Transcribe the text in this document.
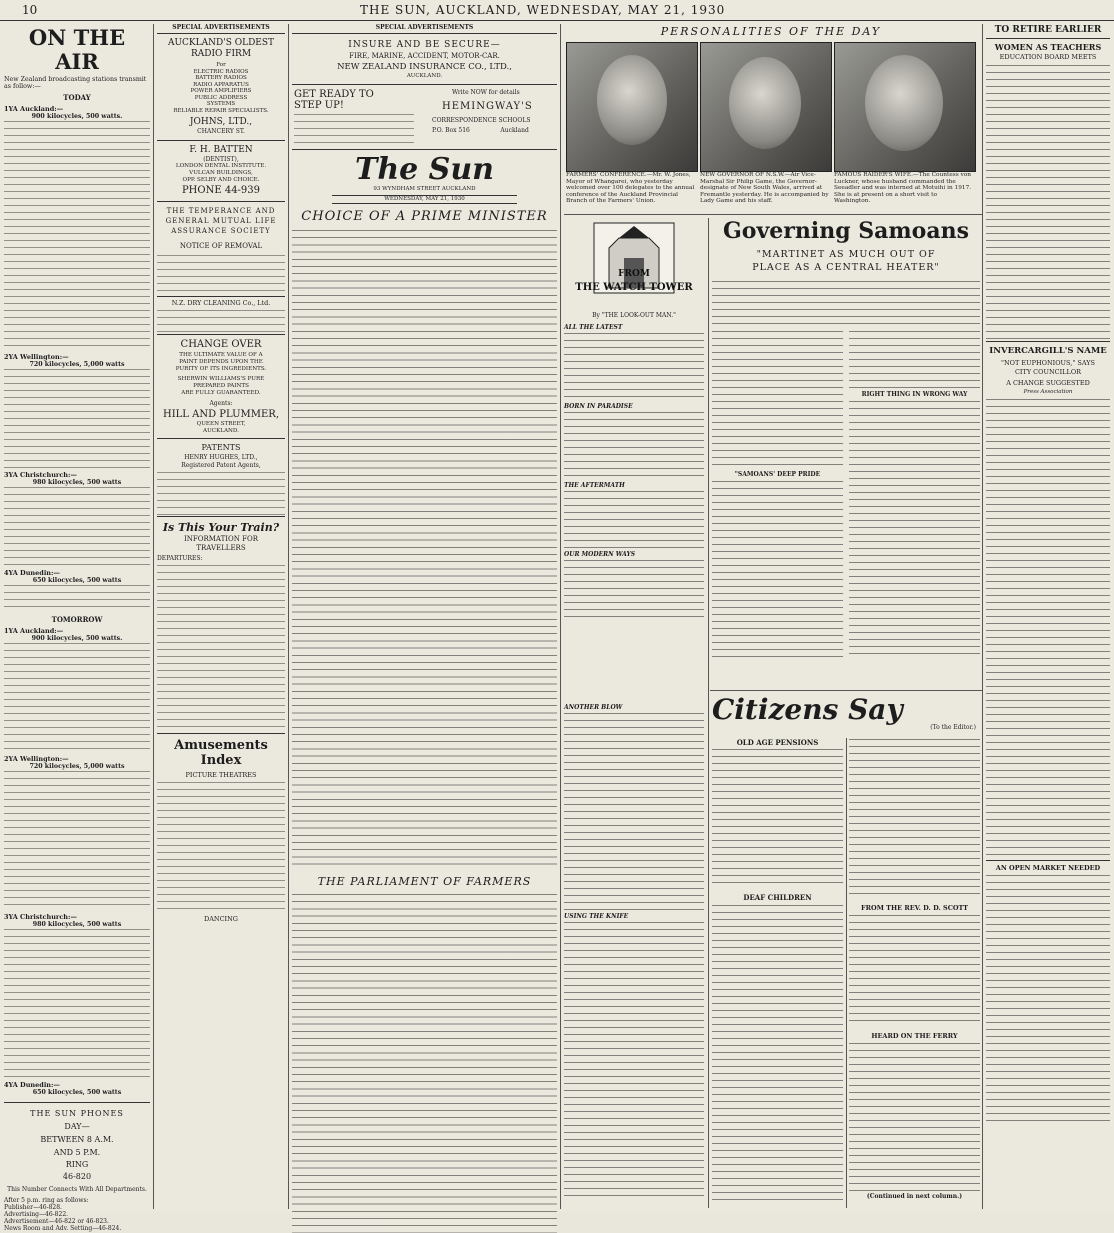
10	THE SUN, AUCKLAND, WEDNESDAY, MAY 21, 1930
ON THE AIR
New Zealand broadcasting stations transmit as follow:—
TODAY
1YA Auckland:—
900 kilocycles, 500 watts.
2YA Wellington:—
720 kilocycles, 5,000 watts
3YA Christchurch:—
980 kilocycles, 500 watts
4YA Dunedin:—
650 kilocycles, 500 watts
TOMORROW
1YA Auckland:—
900 kilocycles, 500 watts.
2YA Wellington:—
720 kilocycles, 5,000 watts
3YA Christchurch:—
980 kilocycles, 500 watts
4YA Dunedin:—
650 kilocycles, 500 watts
THE SUN PHONES
DAY—
BETWEEN 8 A.M.
AND 5 P.M.
RING
46-820
This Number Connects With All Departments.
After 5 p.m. ring as follows:
Publisher—46-828.
Advertising—46-822.
Advertisement—46-822 or 46-823.
News Room and Adv. Setting—46-824.
SPECIAL ADVERTISEMENTS
AUCKLAND'S OLDEST
RADIO FIRM
For
ELECTRIC RADIOS
BATTERY RADIOS
RADIO APPARATUS
POWER AMPLIFIERS
PUBLIC ADDRESS
SYSTEMS
RELIABLE REPAIR SPECIALISTS.
JOHNS, LTD.,
CHANCERY ST.
F. H. BATTEN
(DENTIST),
LONDON DENTAL INSTITUTE.
VULCAN BUILDINGS,
OPP. SELBY AND CHOICE.
PHONE 44-939
THE TEMPERANCE AND
GENERAL MUTUAL LIFE
ASSURANCE SOCIETY
NOTICE OF REMOVAL
N.Z. DRY CLEANING Co., Ltd.
CHANGE OVER
THE ULTIMATE VALUE OF A
PAINT DEPENDS UPON THE
PURITY OF ITS INGREDIENTS.
SHERWIN WILLIAMS'S PURE
PREPARED PAINTS
ARE FULLY GUARANTEED.
Agents:
HILL AND PLUMMER,
QUEEN STREET,
AUCKLAND.
PATENTS
HENRY HUGHES, LTD.,
Registered Patent Agents,
Is This Your Train?
INFORMATION FOR
TRAVELLERS
DEPARTURES:
Amusements
Index
PICTURE THEATRES
DANCING
SPECIAL ADVERTISEMENTS
INSURE AND BE SECURE—
FIRE, MARINE, ACCIDENT, MOTOR-CAR.
NEW ZEALAND INSURANCE CO., LTD.,
AUCKLAND.
GET READY TO
STEP UP!
Write NOW for details
HEMINGWAY'S
CORRESPONDENCE SCHOOLS
P.O. Box 516                Auckland
The Sun
93 WYNDHAM STREET AUCKLAND
WEDNESDAY, MAY 21, 1930
CHOICE OF A PRIME MINISTER
THE PARLIAMENT OF FARMERS
PERSONALITIES OF THE DAY
FARMERS' CONFERENCE.—Mr. W. Jones, Mayor of Whangarei, who yesterday welcomed over 100 delegates to the annual conference of the Auckland Provincial Branch of the Farmers' Union.
NEW GOVERNOR OF N.S.W.—Air Vice-Marshal Sir Philip Game, the Governor-designate of New South Wales, arrived at Fremantle yesterday. He is accompanied by Lady Game and his staff.
FAMOUS RAIDER'S WIFE.—The Countess von Luckner, whose husband commanded the Seeadler and was interned at Motuihi in 1917. She is at present on a short visit to Washington.
FROM
THE WATCH TOWER
By "THE LOOK-OUT MAN."
ALL THE LATEST
BORN IN PARADISE
THE AFTERMATH
OUR MODERN WAYS
ANOTHER BLOW
USING THE KNIFE
Governing Samoans
"MARTINET AS MUCH OUT OF
PLACE AS A CENTRAL HEATER"
"SAMOANS' DEEP PRIDE
RIGHT THING IN WRONG WAY
Citizens Say
(To the Editor.)
OLD AGE PENSIONS
DEAF CHILDREN
FROM THE REV. D. D. SCOTT
HEARD ON THE FERRY
(Continued in next column.)
TO RETIRE EARLIER
WOMEN AS TEACHERS
EDUCATION BOARD MEETS
INVERCARGILL'S NAME
"NOT EUPHONIOUS," SAYS
CITY COUNCILLOR
A CHANGE SUGGESTED
Press Association
AN OPEN MARKET NEEDED
